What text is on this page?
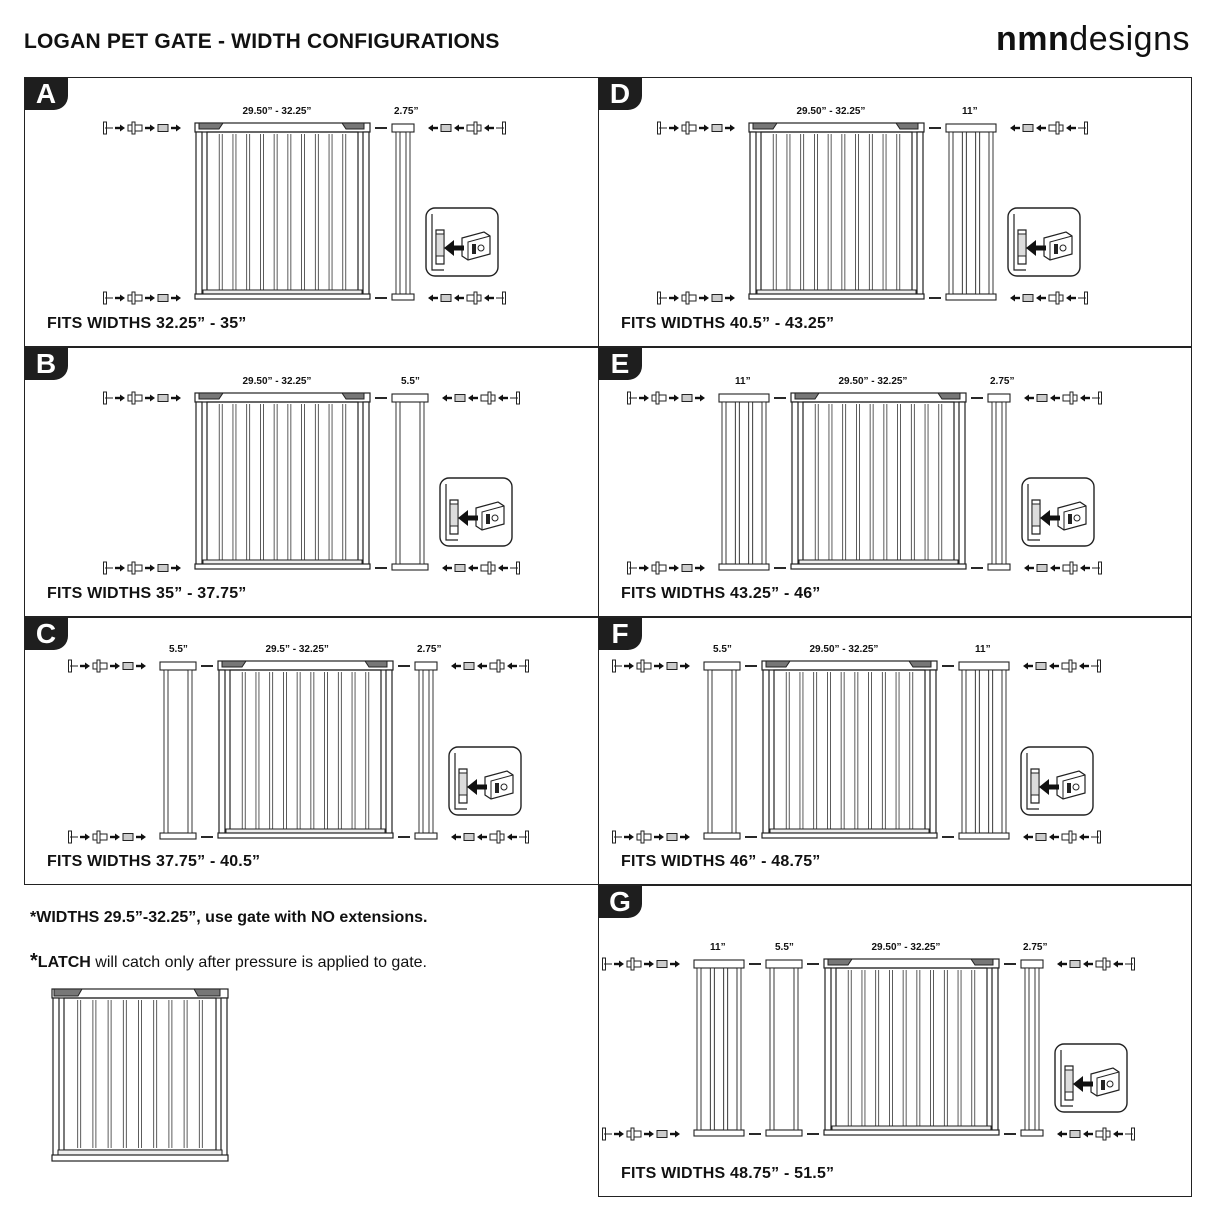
LOGAN PET GATE - WIDTH CONFIGURATIONS	nmndesigns
A
29.50” - 32.25”	2.75”
FITS WIDTHS 32.25” - 35”
B
29.50” - 32.25”	5.5”
FITS WIDTHS 35” - 37.75”
C
5.5”	29.5” - 32.25”	2.75”
FITS WIDTHS 37.75” - 40.5”
D
29.50” - 32.25”	11”
FITS WIDTHS 40.5” - 43.25”
E
11”	29.50” - 32.25”	2.75”
FITS WIDTHS 43.25” - 46”
F
5.5”	29.50” - 32.25”	11”
FITS WIDTHS 46” - 48.75”
G
11”	5.5”	29.50” - 32.25”	2.75”
FITS WIDTHS 48.75” - 51.5”
*WIDTHS 29.5”-32.25”, use gate with NO extensions.
*LATCH will catch only after pressure is applied to gate.
